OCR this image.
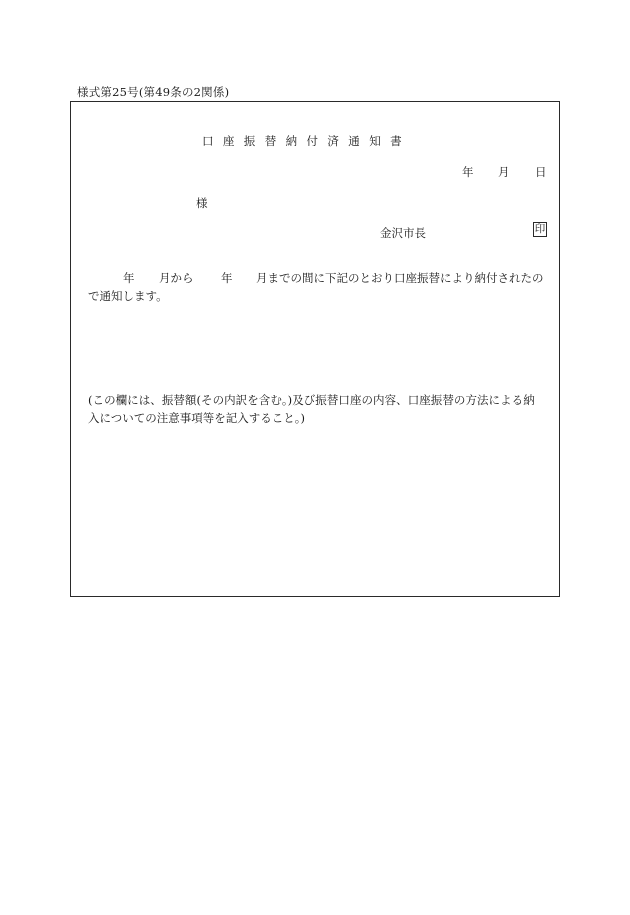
様式第25号(第49条の2関係)
口座振替納付済通知書
年 月 日
様
金沢市長	印
年 月から 年 月までの間に下記のとおり口座振替により納付されたの
で通知します。
(この欄には、振替額(その内訳を含む。)及び振替口座の内容、口座振替の方法による納
入についての注意事項等を記入すること。)
